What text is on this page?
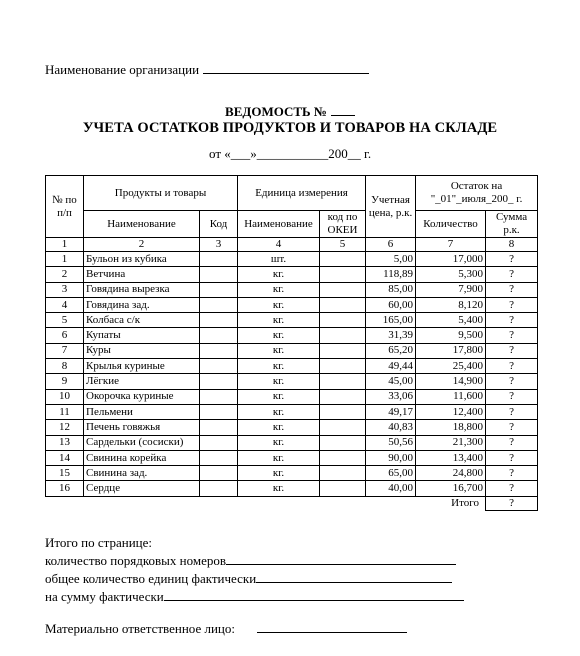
Наименование организации
ВЕДОМОСТЬ №
УЧЕТА ОСТАТКОВ ПРОДУКТОВ И ТОВАРОВ НА СКЛАДЕ
от «___»___________200__ г.
№ по п/п	Продукты и товары		Единица измерения		Учетная цена, р.к.	Остаток на "_01"_июля_200_ г.	
	Наименование	Код	Наименование	код по ОКЕИ		Количество	Сумма р.к.
1	2	3	4	5	6	7	8
1	Бульон из кубика		шт.		5,00	17,000	?
2	Ветчина		кг.		118,89	5,300	?
3	Говядина вырезка		кг.		85,00	7,900	?
4	Говядина зад.		кг.		60,00	8,120	?
5	Колбаса с/к		кг.		165,00	5,400	?
6	Купаты		кг.		31,39	9,500	?
7	Куры		кг.		65,20	17,800	?
8	Крылья куриные		кг.		49,44	25,400	?
9	Лёгкие		кг.		45,00	14,900	?
10	Окорочка куриные		кг.		33,06	11,600	?
11	Пельмени		кг.		49,17	12,400	?
12	Печень говяжья		кг.		40,83	18,800	?
13	Сардельки (сосиски)		кг.		50,56	21,300	?
14	Свинина корейка		кг.		90,00	13,400	?
15	Свинина зад.		кг.		65,00	24,800	?
16	Сердце		кг.		40,00	16,700	?
Итого							?
Итого по странице:
количество порядковых номеров
общее количество единиц фактически
на сумму фактически
Материально ответственное лицо:
